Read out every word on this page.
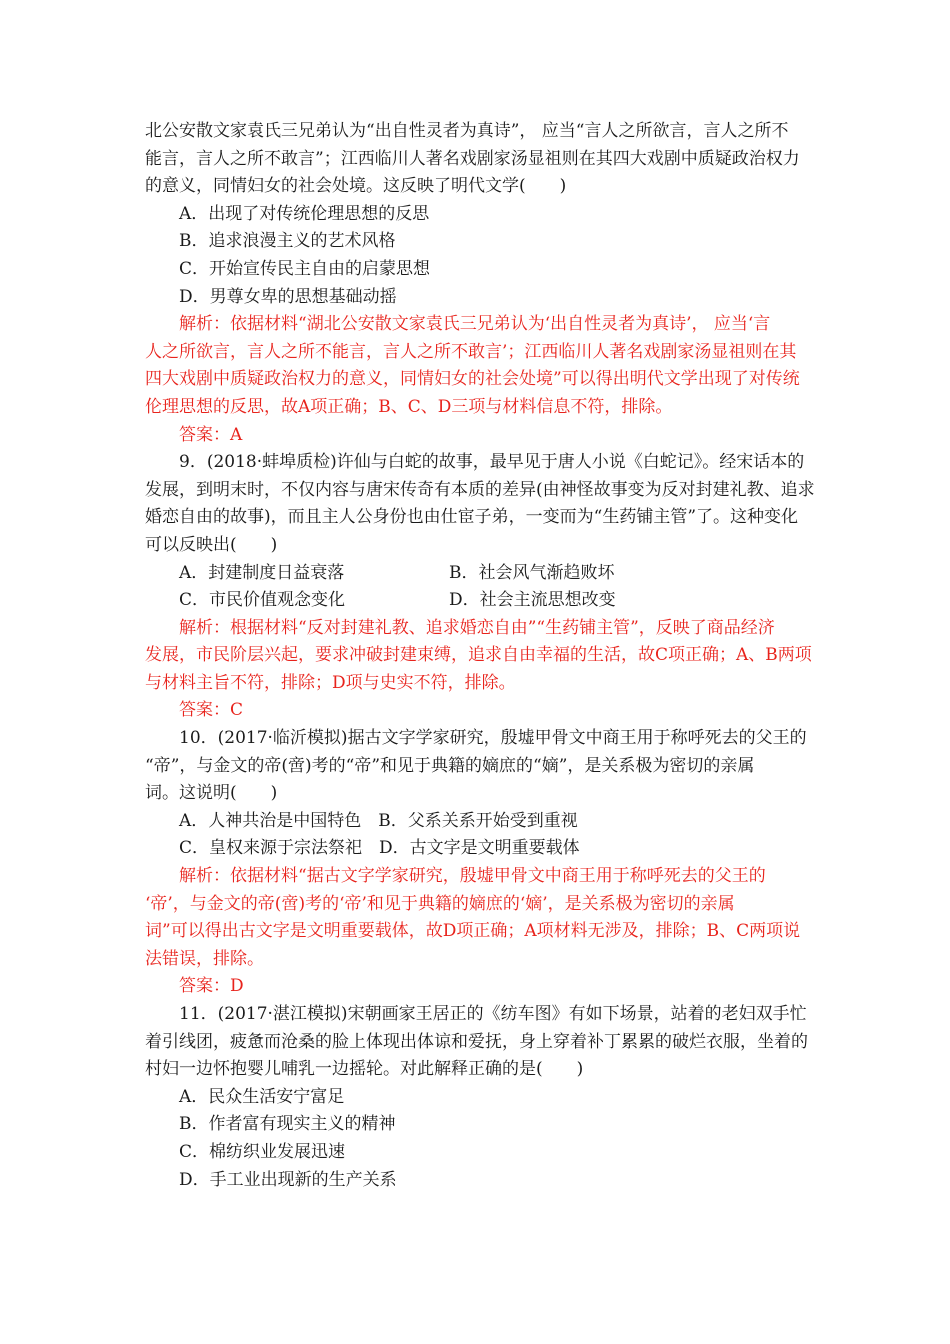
北公安散文家袁氏三兄弟认为“出自性灵者为真诗”， 应当“言人之所欲言，言人之所不
能言，言人之所不敢言”；江西临川人著名戏剧家汤显祖则在其四大戏剧中质疑政治权力
的意义，同情妇女的社会处境。这反映了明代文学(　　)
A．出现了对传统伦理思想的反思
B．追求浪漫主义的艺术风格
C．开始宣传民主自由的启蒙思想
D．男尊女卑的思想基础动摇
解析：依据材料“湖北公安散文家袁氏三兄弟认为‘出自性灵者为真诗’， 应当‘言
人之所欲言，言人之所不能言，言人之所不敢言’；江西临川人著名戏剧家汤显祖则在其
四大戏剧中质疑政治权力的意义，同情妇女的社会处境”可以得出明代文学出现了对传统
伦理思想的反思，故A项正确；B、C、D三项与材料信息不符，排除。
答案：A
9．(2018·蚌埠质检)许仙与白蛇的故事，最早见于唐人小说《白蛇记》。经宋话本的
发展，到明末时，不仅内容与唐宋传奇有本质的差异(由神怪故事变为反对封建礼教、追求
婚恋自由的故事)，而且主人公身份也由仕宦子弟，一变而为“生药铺主管”了。这种变化
可以反映出(　　)
A．封建制度日益衰落	B．社会风气渐趋败坏
C．市民价值观念变化	D．社会主流思想改变
解析：根据材料“反对封建礼教、追求婚恋自由”“生药铺主管”，反映了商品经济
发展，市民阶层兴起，要求冲破封建束缚，追求自由幸福的生活，故C项正确；A、B两项
与材料主旨不符，排除；D项与史实不符，排除。
答案：C
10．(2017·临沂模拟)据古文字学家研究，殷墟甲骨文中商王用于称呼死去的父王的
“帝”，与金文的帝(啻)考的“帝”和见于典籍的嫡庶的“嫡”，是关系极为密切的亲属
词。这说明(　　)
A．人神共治是中国特色　B．父系关系开始受到重视
C．皇权来源于宗法祭祀　D．古文字是文明重要载体
解析：依据材料“据古文字学家研究，殷墟甲骨文中商王用于称呼死去的父王的
‘帝’，与金文的帝(啻)考的‘帝’和见于典籍的嫡庶的‘嫡’，是关系极为密切的亲属
词”可以得出古文字是文明重要载体，故D项正确；A项材料无涉及，排除；B、C两项说
法错误，排除。
答案：D
11．(2017·湛江模拟)宋朝画家王居正的《纺车图》有如下场景，站着的老妇双手忙
着引线团，疲惫而沧桑的脸上体现出体谅和爱抚，身上穿着补丁累累的破烂衣服，坐着的
村妇一边怀抱婴儿哺乳一边摇轮。对此解释正确的是(　　)
A．民众生活安宁富足
B．作者富有现实主义的精神
C．棉纺织业发展迅速
D．手工业出现新的生产关系
